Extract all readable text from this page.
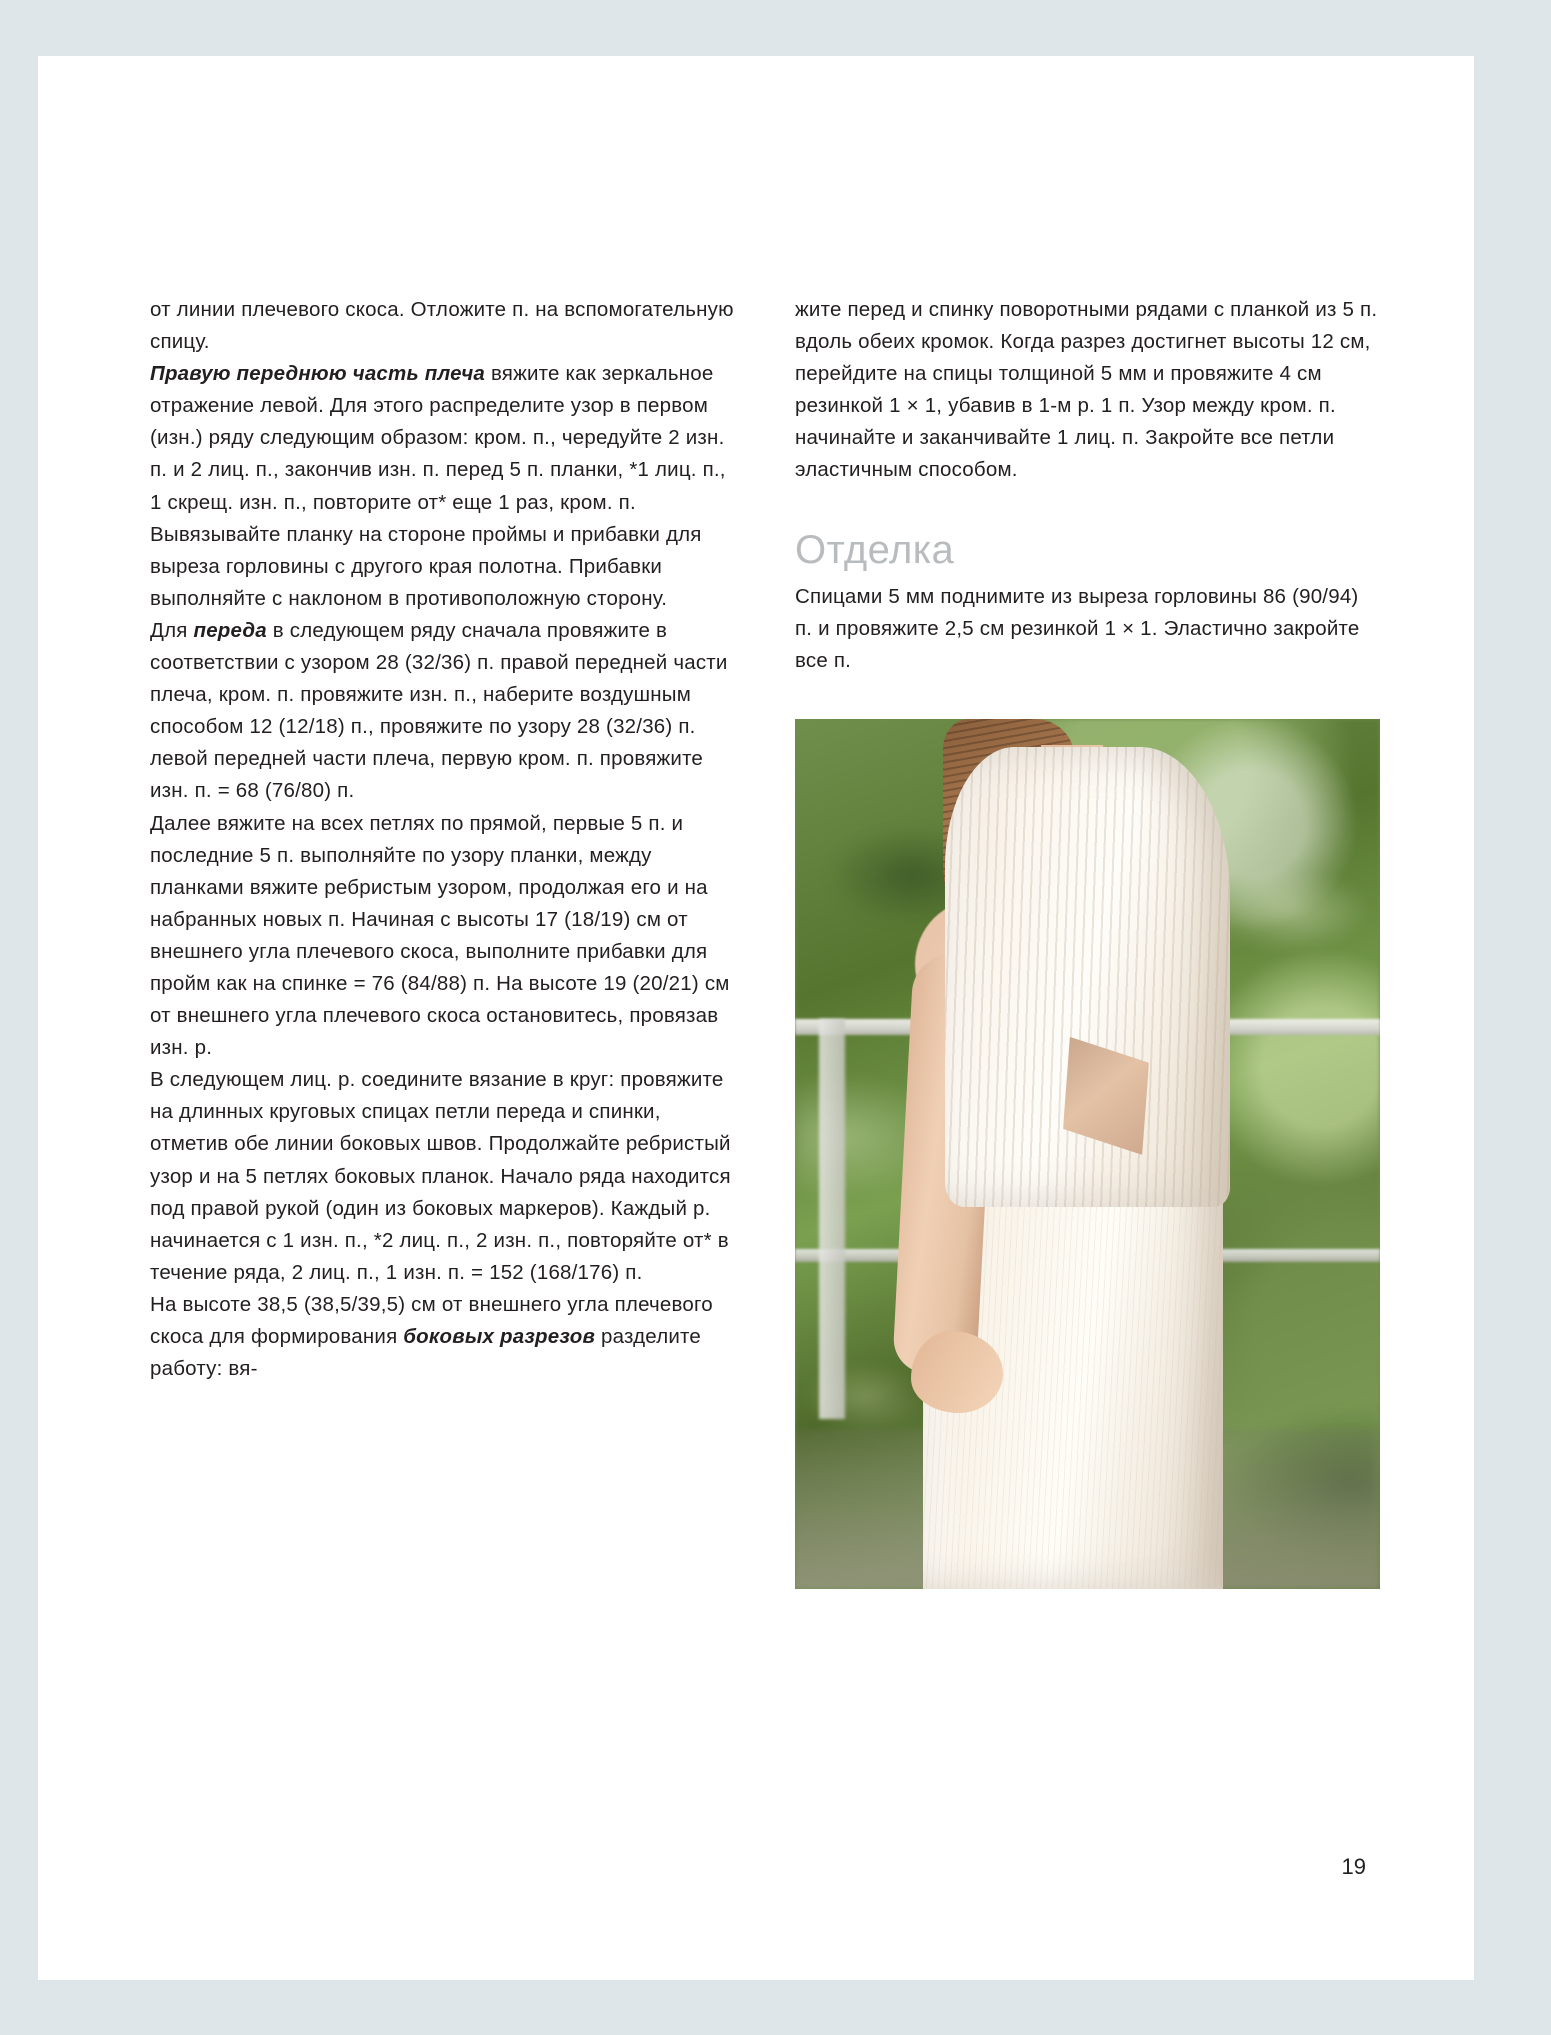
от линии плечевого скоса. Отложите п. на вспомогательную спицу.

Правую переднюю часть плеча вяжите как зеркальное отражение левой. Для этого распределите узор в первом (изн.) ряду следующим образом: кром. п., чередуйте 2 изн. п. и 2 лиц. п., закончив изн. п. перед 5 п. планки, *1 лиц. п., 1 скрещ. изн. п., повторите от* еще 1 раз, кром. п.

Вывязывайте планку на стороне проймы и прибавки для выреза горловины с другого края полотна. Прибавки выполняйте с наклоном в противоположную сторону.

Для переда в следующем ряду сначала провяжите в соответствии с узором 28 (32/36) п. правой передней части плеча, кром. п. провяжите изн. п., наберите воздушным способом 12 (12/18) п., провяжите по узору 28 (32/36) п. левой передней части плеча, первую кром. п. провяжите изн. п. = 68 (76/80) п.

Далее вяжите на всех петлях по прямой, первые 5 п. и последние 5 п. выполняйте по узору планки, между планками вяжите ребристым узором, продолжая его и на набранных новых п. Начиная с высоты 17 (18/19) см от внешнего угла плечевого скоса, выполните прибавки для пройм как на спинке = 76 (84/88) п. На высоте 19 (20/21) см от внешнего угла плечевого скоса остановитесь, провязав изн. р.

В следующем лиц. р. соедините вязание в круг: провяжите на длинных круговых спицах петли переда и спинки, отметив обе линии боковых швов. Продолжайте ребристый узор и на 5 петлях боковых планок. Начало ряда находится под правой рукой (один из боковых маркеров). Каждый р. начинается с 1 изн. п., *2 лиц. п., 2 изн. п., повторяйте от* в течение ряда, 2 лиц. п., 1 изн. п. = 152 (168/176) п.

На высоте 38,5 (38,5/39,5) см от внешнего угла плечевого скоса для формирования боковых разрезов разделите работу: вя-

жите перед и спинку поворотными рядами с планкой из 5 п. вдоль обеих кромок. Когда разрез достигнет высоты 12 см, перейдите на спицы толщиной 5 мм и провяжите 4 см резинкой 1 × 1, убавив в 1-м р. 1 п. Узор между кром. п. начинайте и заканчивайте 1 лиц. п. Закройте все петли эластичным способом.

Отделка

Спицами 5 мм поднимите из выреза горловины 86 (90/94) п. и провяжите 2,5 см резинкой 1 × 1. Эластично закройте все п.

19
